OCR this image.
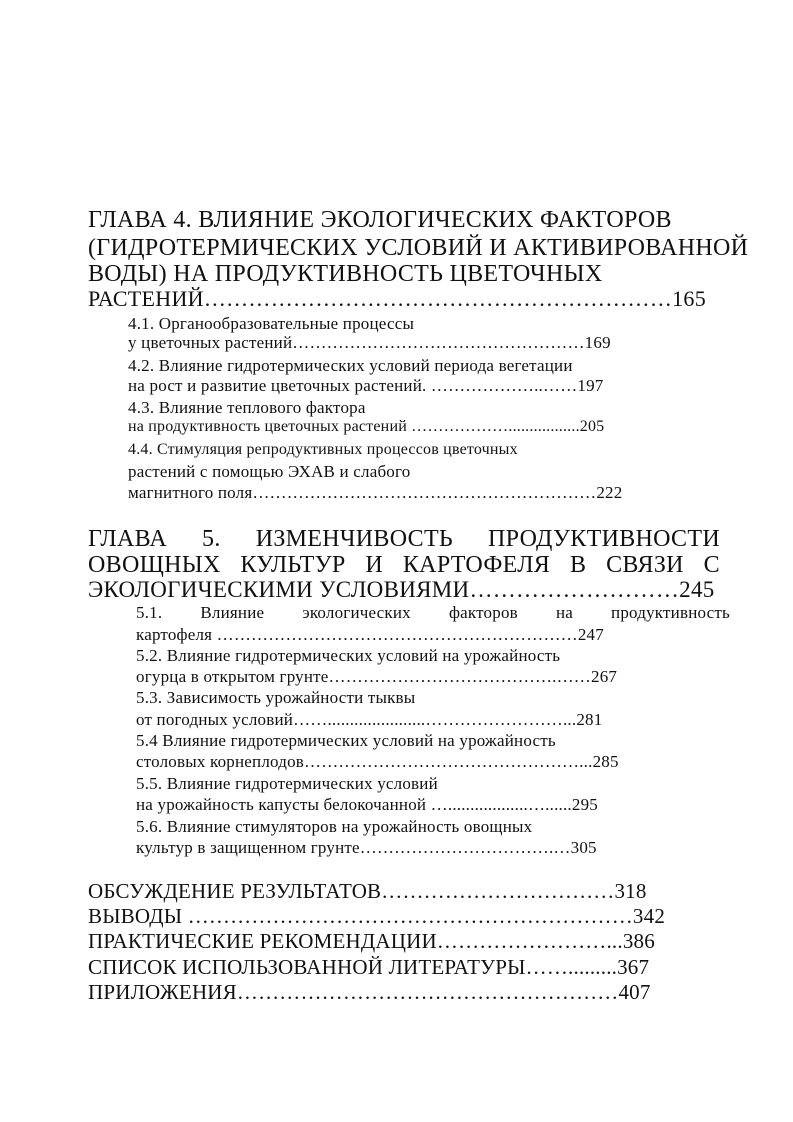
ГЛАВА 4. ВЛИЯНИЕ ЭКОЛОГИЧЕСКИХ ФАКТОРОВ
(ГИДРОТЕРМИЧЕСКИХ УСЛОВИЙ И АКТИВИРОВАННОЙ
ВОДЫ) НА ПРОДУКТИВНОСТЬ ЦВЕТОЧНЫХ
РАСТЕНИЙ………………………………………………………165
4.1. Органообразовательные процессы
у цветочных растений……………………………………………169
4.2. Влияние гидротермических условий периода вегетации
на рост и развитие цветочных растений. ………………..……197
4.3. Влияние теплового фактора
на продуктивность цветочных растений ……………….................205
4.4. Стимуляция репродуктивных процессов цветочных
растений с помощью ЭХАВ и слабого
магнитного поля……………………………………………………222
ГЛАВА 5. ИЗМЕНЧИВОСТЬ ПРОДУКТИВНОСТИ
ОВОЩНЫХ КУЛЬТУР И КАРТОФЕЛЯ В СВЯЗИ С
ЭКОЛОГИЧЕСКИМИ УСЛОВИЯМИ………………………245
5.1. Влияние экологических факторов на продуктивность
картофеля ………………………………………………………247
5.2. Влияние гидротермических условий на урожайность
огурца в открытом грунте………………………………….……267
5.3. Зависимость урожайности тыквы
от погодных условий……......................……………………...281
5.4 Влияние гидротермических условий на урожайность
столовых корнеплодов…………………………………………...285
5.5. Влияние гидротермических условий
на урожайность капусты белокочанной …..................…......295
5.6. Влияние стимуляторов на урожайность овощных
культур в защищенном грунте…………………………….…305
ОБСУЖДЕНИЕ РЕЗУЛЬТАТОВ……………………………318
ВЫВОДЫ ………………………………………………………342
ПРАКТИЧЕСКИЕ РЕКОМЕНДАЦИИ……………………...386
СПИСОК ИСПОЛЬЗОВАННОЙ ЛИТЕРАТУРЫ…….........367
ПРИЛОЖЕНИЯ………………………………………………407
